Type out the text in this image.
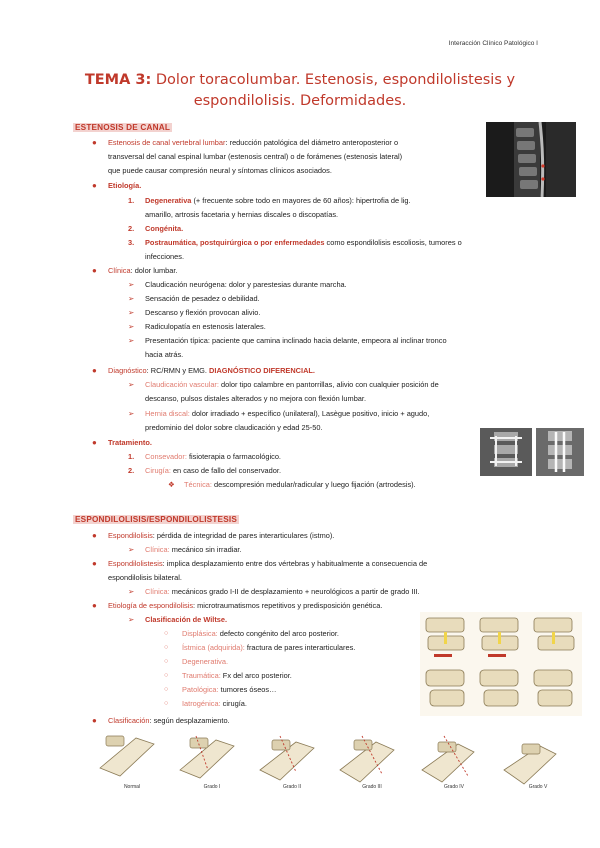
Interacción Clínico Patológico I
TEMA 3: Dolor toracolumbar. Estenosis, espondilolistesis y
espondilolisis. Deformidades.
ESTENOSIS DE CANAL
● Estenosis de canal vertebral lumbar: reducción patológica del diámetro anteroposterior o
transversal del canal espinal lumbar (estenosis central) o de forámenes (estenosis lateral)
que puede causar compresión neural y síntomas clínicos asociados.
● Etiología.
1. Degenerativa (+ frecuente sobre todo en mayores de 60 años): hipertrofia de lig.
amarillo, artrosis facetaria y hernias discales o discopatías.
2. Congénita.
3. Postraumática, postquirúrgica o por enfermedades como espondilolisis escoliosis, tumores o
infecciones.
● Clínica: dolor lumbar.
➢ Claudicación neurógena: dolor y parestesias durante marcha.
➢ Sensación de pesadez o debilidad.
➢ Descanso y flexión provocan alivio.
➢ Radiculopatía en estenosis laterales.
➢ Presentación típica: paciente que camina inclinado hacia delante, empeora al inclinar tronco
hacia atrás.
● Diagnóstico: RC/RMN y EMG. DIAGNÓSTICO DIFERENCIAL.
➢ Claudicación vascular: dolor tipo calambre en pantorrillas, alivio con cualquier posición de
descanso, pulsos distales alterados y no mejora con flexión lumbar.
➢ Hernia discal: dolor irradiado + específico (unilateral), Lasègue positivo, inicio + agudo,
predominio del dolor sobre claudicación y edad 25-50.
● Tratamiento.
1. Consevador: fisioterapia o farmacológico.
2. Cirugía: en caso de fallo del conservador.
❖ Técnica: descompresión medular/radicular y luego fijación (artrodesis).
ESPONDILOLISIS/ESPONDILOLISTESIS
● Espondilolisis: pérdida de integridad de pares interarticulares (istmo).
➢ Clínica: mecánico sin irradiar.
● Espondilolistesis: implica desplazamiento entre dos vértebras y habitualmente a consecuencia de
espondilolisis bilateral.
➢ Clínica: mecánicos grado I-II de desplazamiento + neurológicos a partir de grado III.
● Etiología de espondilolisis: microtraumatismos repetitivos y predisposición genética.
➢ Clasificación de Wiltse.
○ Displásica: defecto congénito del arco posterior.
○ Ístmica (adquirida): fractura de pares interarticulares.
○ Degenerativa.
○ Traumática: Fx del arco posterior.
○ Patológica: tumores óseos…
○ Iatrogénica: cirugía.
● Clasificación: según desplazamiento.
Normal	Grado I	Grado II	Grado III	Grado IV	Grado V
